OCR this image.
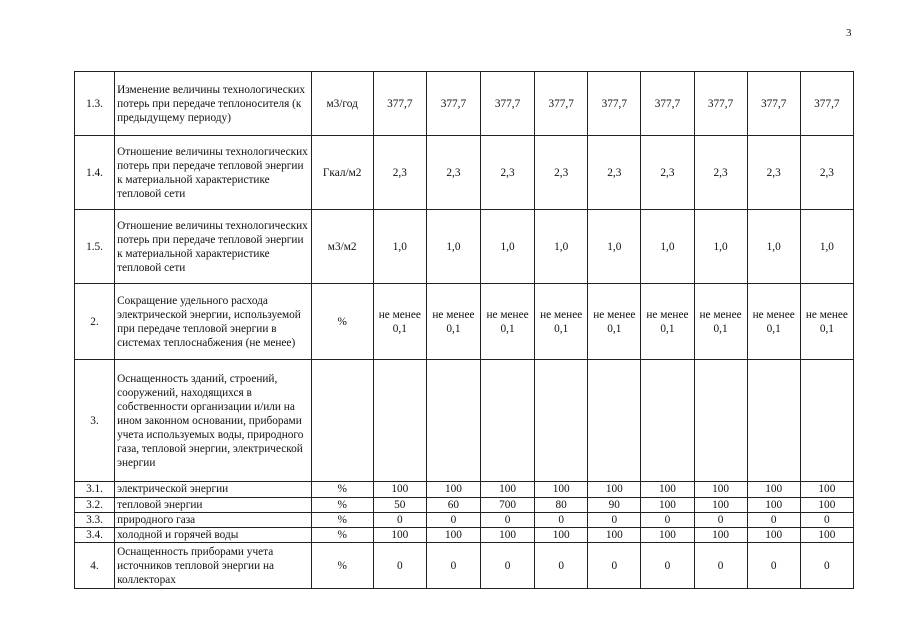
3
1.3.	Изменение величины технологических потерь при передаче теплоносителя (к предыдущему периоду)	м3/год	377,7	377,7	377,7	377,7	377,7	377,7	377,7	377,7	377,7
1.4.	Отношение величины технологических потерь при передаче тепловой энергии к материальной характеристике тепловой сети	Гкал/м2	2,3	2,3	2,3	2,3	2,3	2,3	2,3	2,3	2,3
1.5.	Отношение величины технологических потерь при передаче тепловой энергии к материальной характеристике тепловой сети	м3/м2	1,0	1,0	1,0	1,0	1,0	1,0	1,0	1,0	1,0
2.	Сокращение удельного расхода электрической энергии, используемой при передаче тепловой энергии в системах теплоснабжения (не менее)	%	не менее 0,1	не менее 0,1	не менее 0,1	не менее 0,1	не менее 0,1	не менее 0,1	не менее 0,1	не менее 0,1	не менее 0,1
3.	Оснащенность зданий, строений, сооружений, находящихся в собственности организации и/или на ином законном основании, приборами учета используемых воды, природного газа, тепловой энергии, электрической энергии										
3.1.	электрической энергии	%	100	100	100	100	100	100	100	100	100
3.2.	тепловой энергии	%	50	60	700	80	90	100	100	100	100
3.3.	природного газа	%	0	0	0	0	0	0	0	0	0
3.4.	холодной и горячей воды	%	100	100	100	100	100	100	100	100	100
4.	Оснащенность приборами учета источников тепловой энергии на коллекторах	%	0	0	0	0	0	0	0	0	0
